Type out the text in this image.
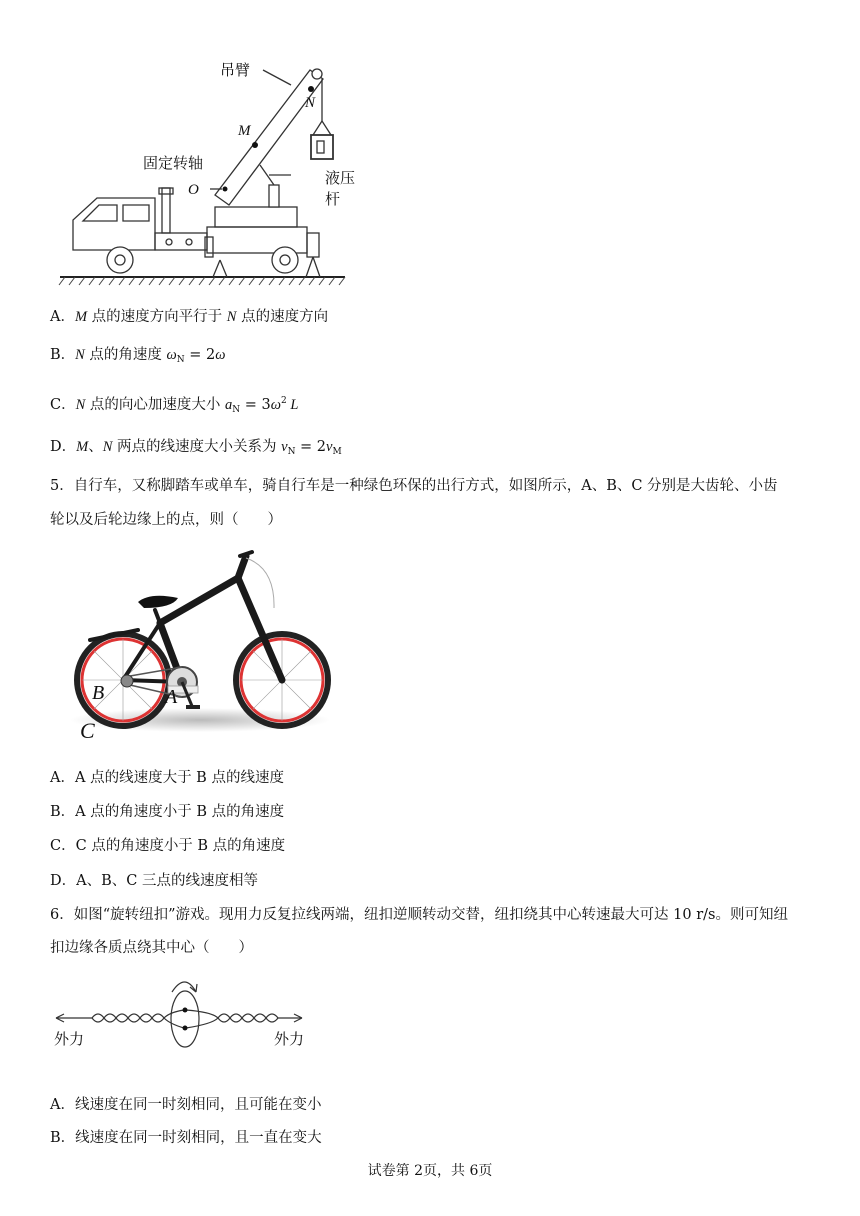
吊臂
固定转轴
液压杆
M
N
O
A．M 点的速度方向平行于 N 点的速度方向
B．N 点的角速度 $\omega_N = 2\omega$
C．N 点的向心加速度大小 $a_N = 3\omega^2$ L
D．M、N 两点的线速度大小关系为 $v_N = 2v_M$
5．自行车，又称脚踏车或单车，骑自行车是一种绿色环保的出行方式，如图所示，A、B、C 分别是大齿轮、小齿
轮以及后轮边缘上的点，则（　　）
A
B
C
A．A 点的线速度大于 B 点的线速度
B．A 点的角速度小于 B 点的角速度
C．C 点的角速度小于 B 点的角速度
D．A、B、C 三点的线速度相等
6．如图“旋转纽扣”游戏。现用力反复拉线两端，纽扣逆顺转动交替，纽扣绕其中心转速最大可达 10 r/s。则可知纽
扣边缘各质点绕其中心（　　）
外力	外力
A．线速度在同一时刻相同，且可能在变小
B．线速度在同一时刻相同，且一直在变大
试卷第 2页，共 6页
